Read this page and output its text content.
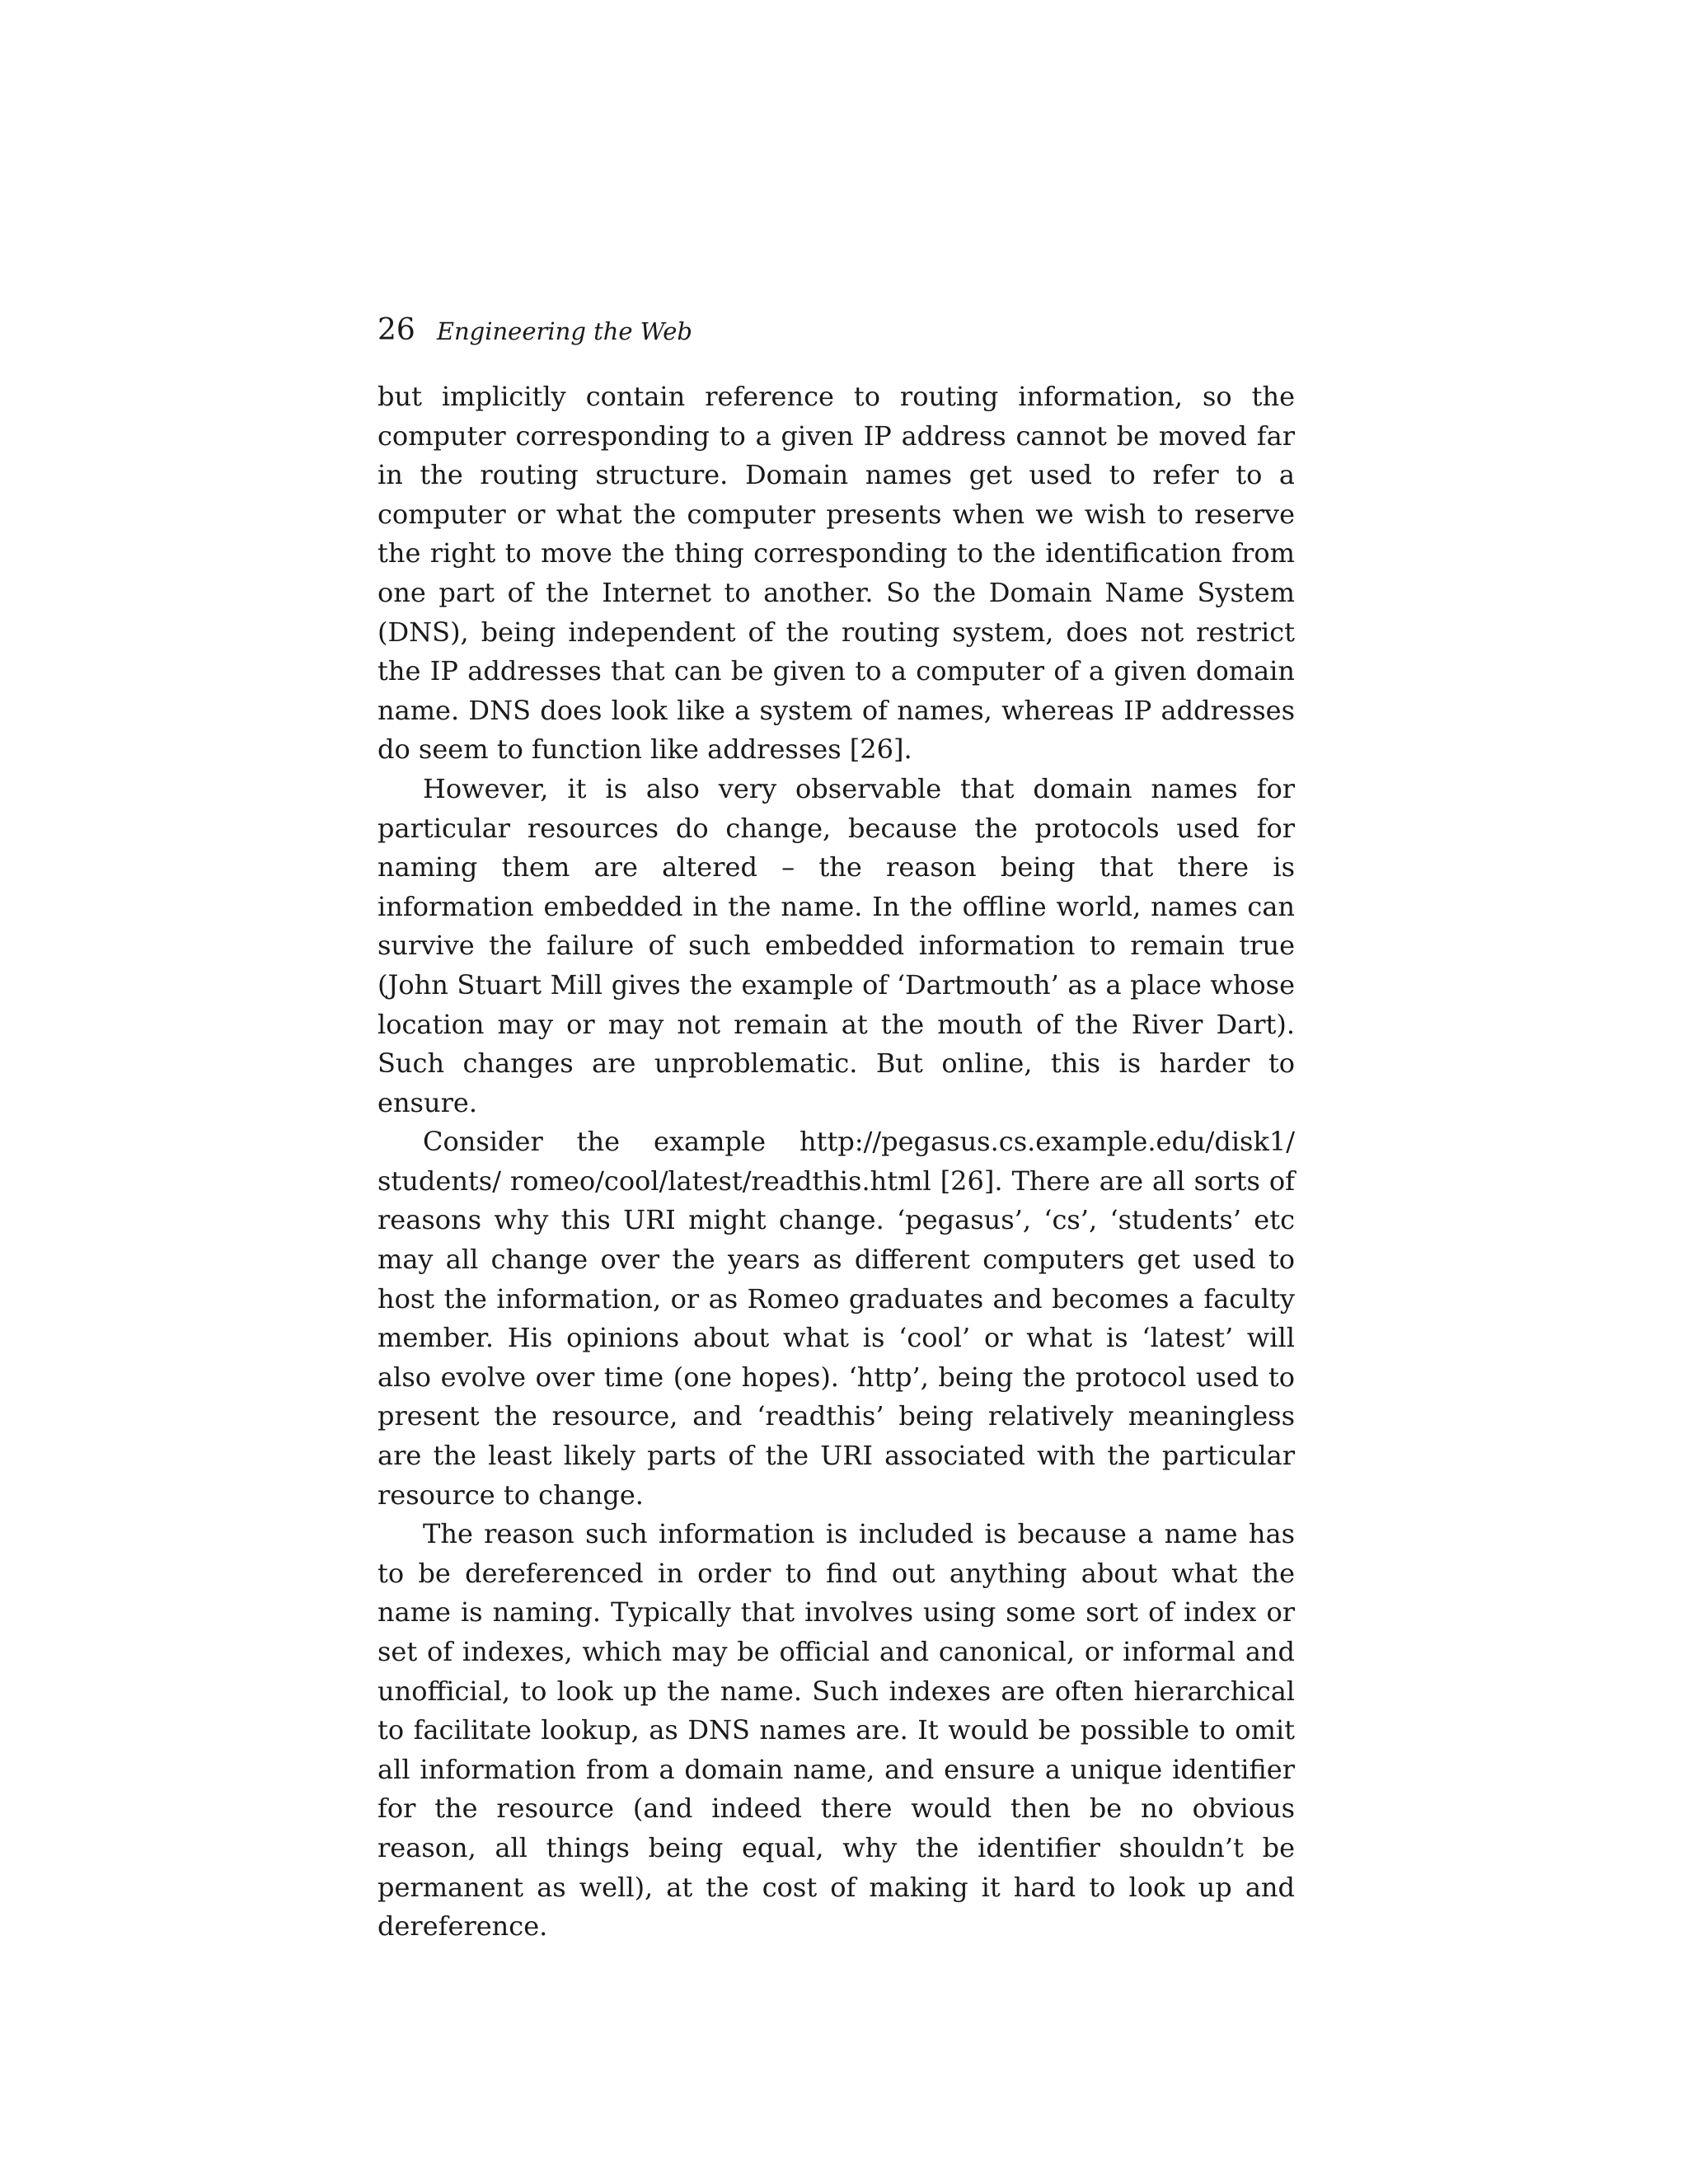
26 Engineering the Web

but implicitly contain reference to routing information, so the computer corresponding to a given IP address cannot be moved far in the routing structure. Domain names get used to refer to a computer or what the computer presents when we wish to reserve the right to move the thing corresponding to the identification from one part of the Internet to another. So the Domain Name System (DNS), being independent of the routing system, does not restrict the IP addresses that can be given to a computer of a given domain name. DNS does look like a system of names, whereas IP addresses do seem to function like addresses [26].

However, it is also very observable that domain names for particular resources do change, because the protocols used for naming them are altered – the reason being that there is information embedded in the name. In the offline world, names can survive the failure of such embedded information to remain true (John Stuart Mill gives the example of ‘Dartmouth’ as a place whose location may or may not remain at the mouth of the River Dart). Such changes are unproblematic. But online, this is harder to ensure.

Consider the example http://pegasus.cs.example.edu/disk1/ students/ romeo/cool/latest/readthis.html [26]. There are all sorts of reasons why this URI might change. ‘pegasus’, ‘cs’, ‘students’ etc may all change over the years as different computers get used to host the information, or as Romeo graduates and becomes a faculty member. His opinions about what is ‘cool’ or what is ‘latest’ will also evolve over time (one hopes). ‘http’, being the protocol used to present the resource, and ‘readthis’ being relatively meaningless are the least likely parts of the URI associated with the particular resource to change.

The reason such information is included is because a name has to be dereferenced in order to find out anything about what the name is naming. Typically that involves using some sort of index or set of indexes, which may be official and canonical, or informal and unofficial, to look up the name. Such indexes are often hierarchical to facilitate lookup, as DNS names are. It would be possible to omit all information from a domain name, and ensure a unique identifier for the resource (and indeed there would then be no obvious reason, all things being equal, why the identifier shouldn’t be permanent as well), at the cost of making it hard to look up and dereference.
